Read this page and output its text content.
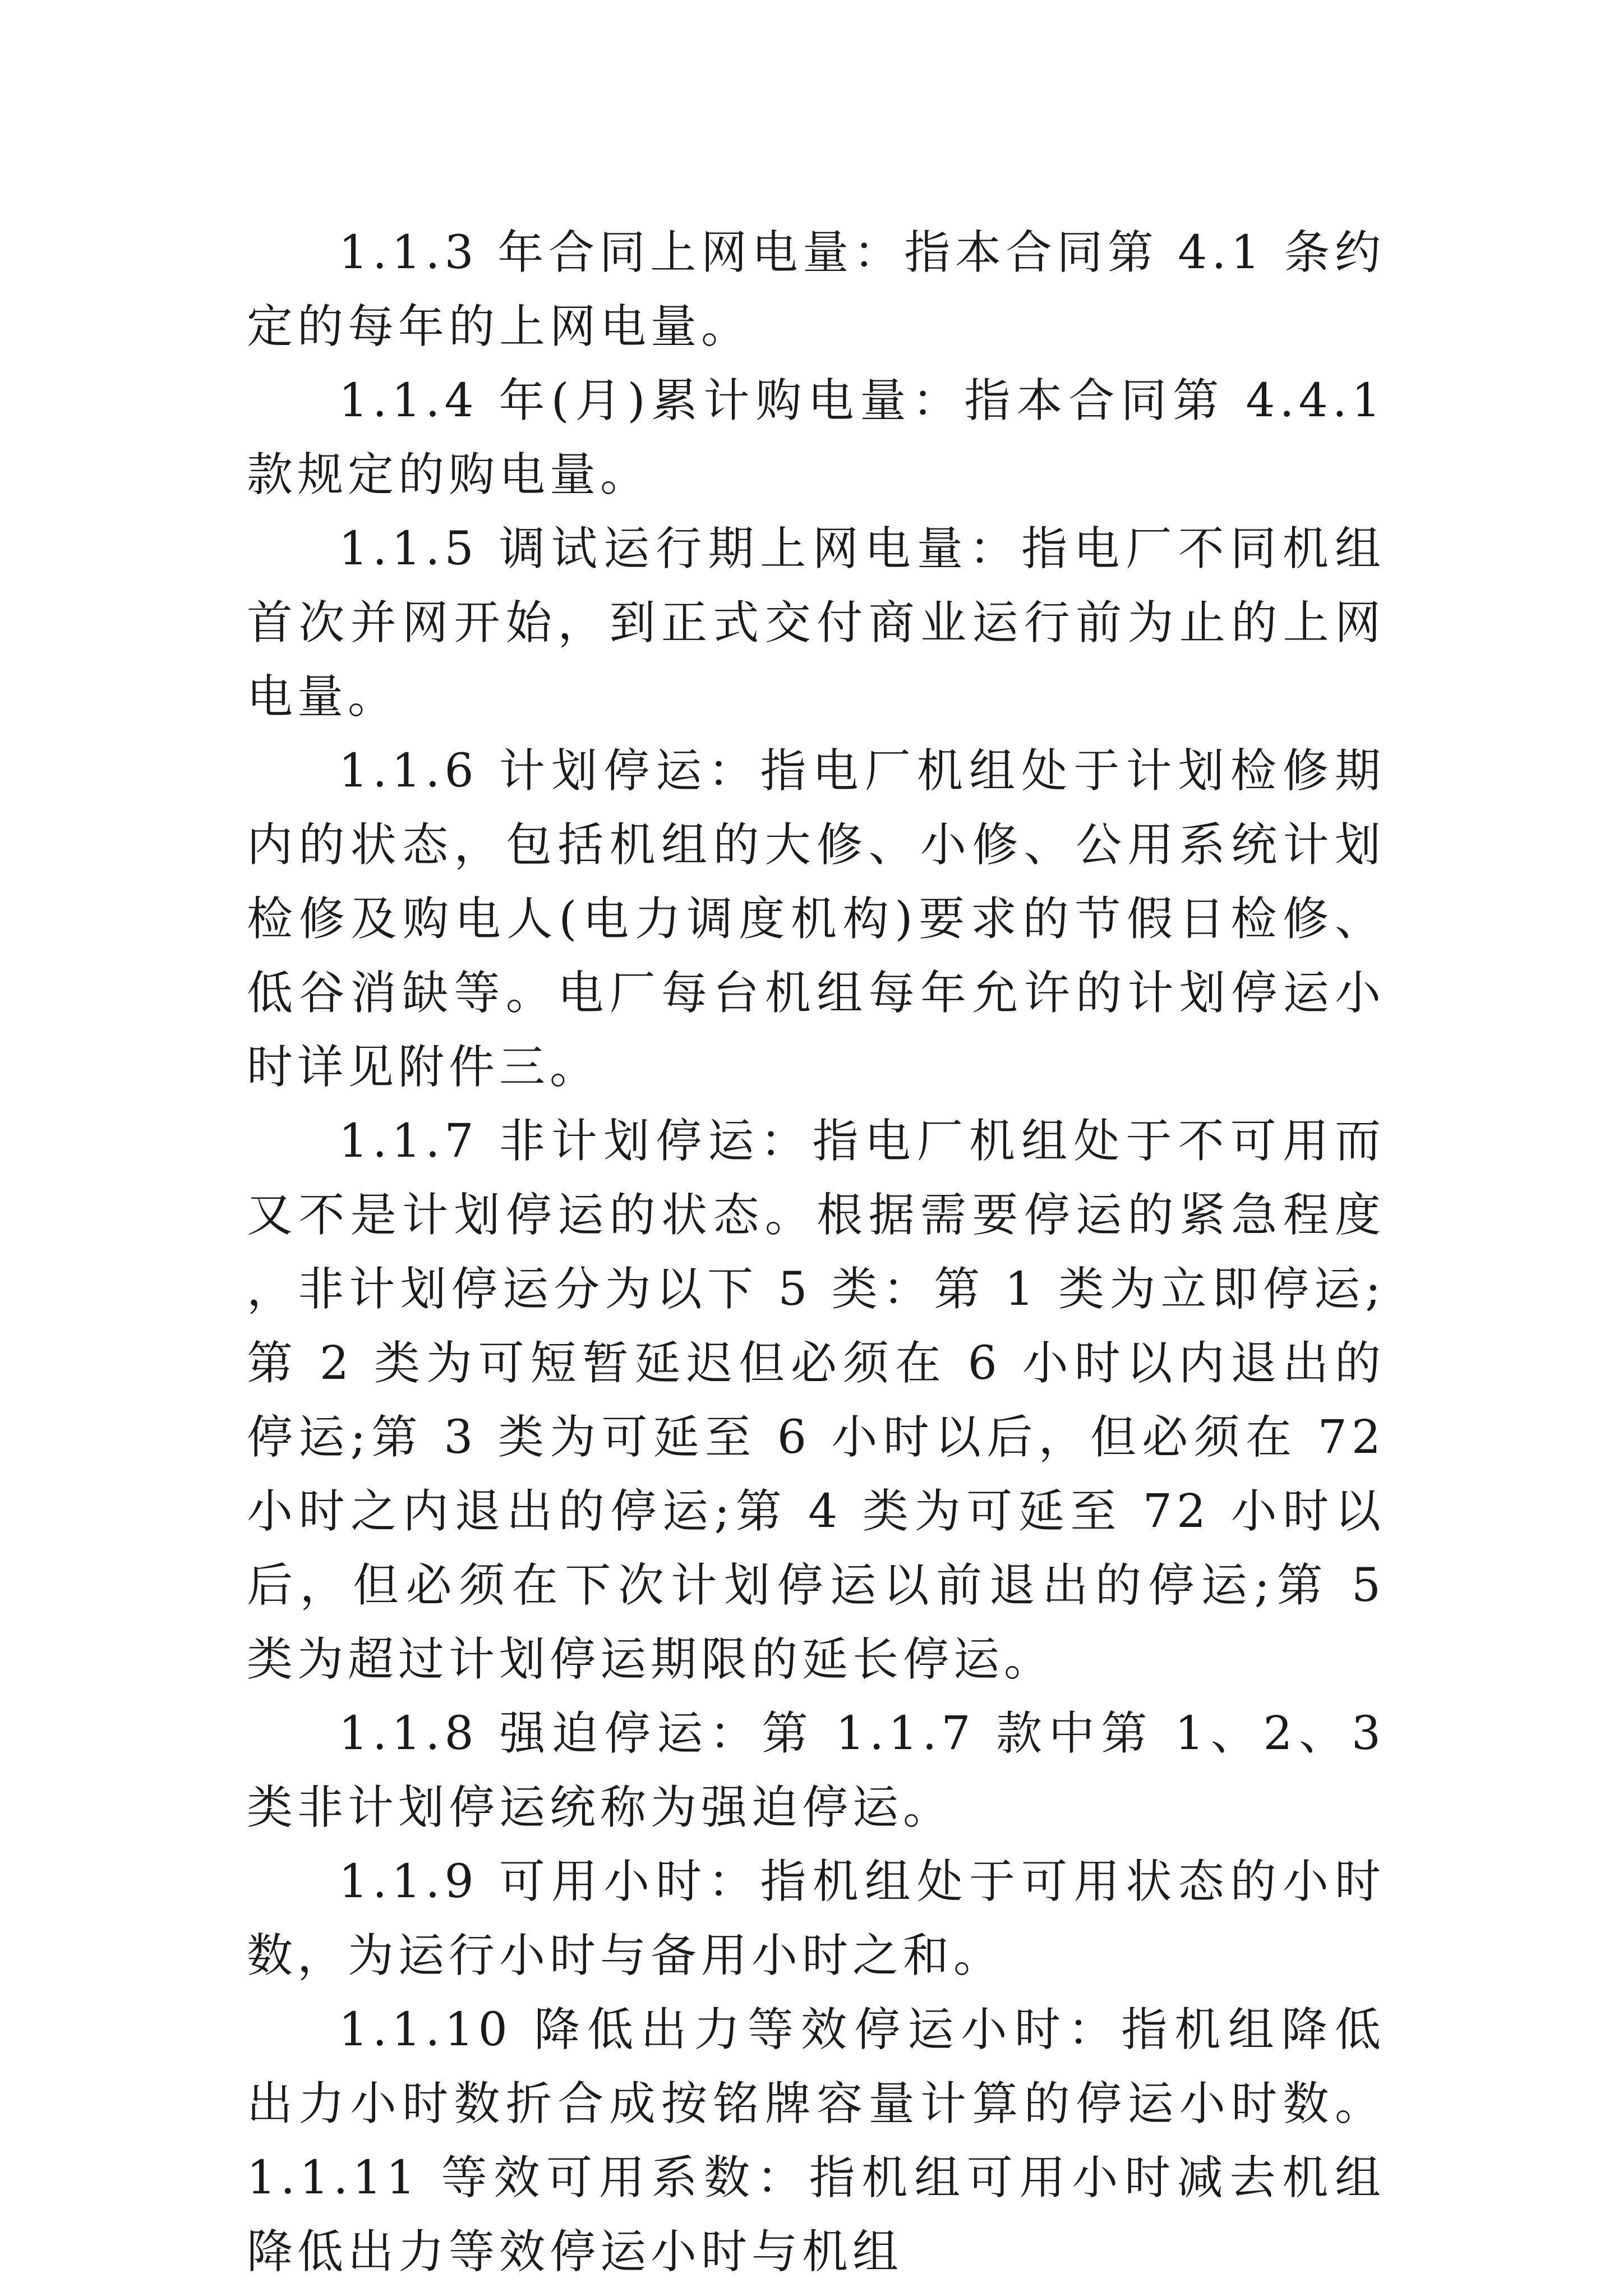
1.1.3 年合同上网电量：指本合同第 4.1 条约定的每年的上网电量。

1.1.4 年(月)累计购电量：指本合同第 4.4.1 款规定的购电量。

1.1.5 调试运行期上网电量：指电厂不同机组首次并网开始，到正式交付商业运行前为止的上网电量。

1.1.6 计划停运：指电厂机组处于计划检修期内的状态，包括机组的大修、小修、公用系统计划检修及购电人(电力调度机构)要求的节假日检修、低谷消缺等。电厂每台机组每年允许的计划停运小时详见附件三。

1.1.7 非计划停运：指电厂机组处于不可用而又不是计划停运的状态。根据需要停运的紧急程度，非计划停运分为以下 5 类：第 1 类为立即停运;第 2 类为可短暂延迟但必须在 6 小时以内退出的停运;第 3 类为可延至 6 小时以后，但必须在 72 小时之内退出的停运;第 4 类为可延至 72 小时以后，但必须在下次计划停运以前退出的停运;第 5 类为超过计划停运期限的延长停运。

1.1.8 强迫停运：第 1.1.7 款中第 1、2、3 类非计划停运统称为强迫停运。

1.1.9 可用小时：指机组处于可用状态的小时数，为运行小时与备用小时之和。

1.1.10 降低出力等效停运小时：指机组降低出力小时数折合成按铭牌容量计算的停运小时数。 1.1.11 等效可用系数：指机组可用小时减去机组降低出力等效停运小时与机组
